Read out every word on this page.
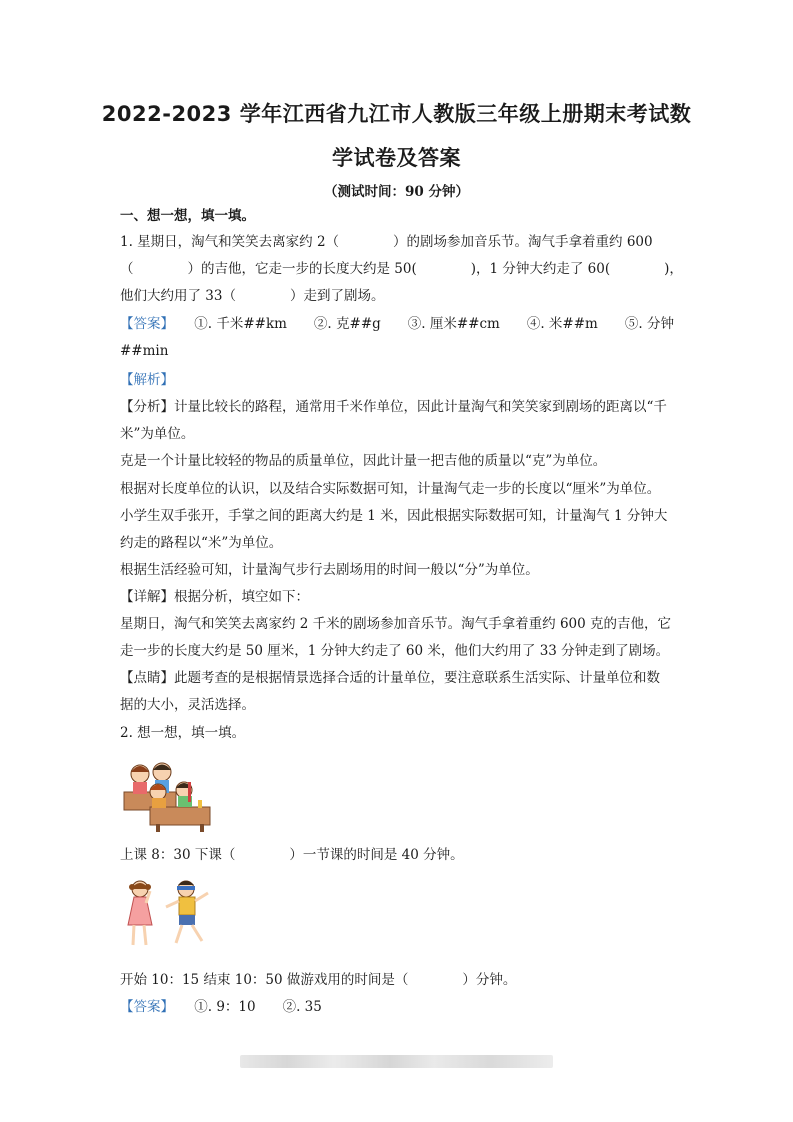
2022-2023 学年江西省九江市人教版三年级上册期末考试数
学试卷及答案
（测试时间：90 分钟）
一、想一想，填一填。
1. 星期日，淘气和笑笑去离家约 2（　　　　）的剧场参加音乐节。淘气手拿着重约 600
（　　　　）的吉他，它走一步的长度大约是 50(　　　　)，1 分钟大约走了 60(　　　　)，
他们大约用了 33（　　　　）走到了剧场。
【答案】　　①. 千米##km　　②. 克##g　　③. 厘米##cm　　④. 米##m　　⑤. 分钟
##min
【解析】
【分析】计量比较长的路程，通常用千米作单位，因此计量淘气和笑笑家到剧场的距离以“千
米”为单位。
克是一个计量比较轻的物品的质量单位，因此计量一把吉他的质量以“克”为单位。
根据对长度单位的认识，以及结合实际数据可知，计量淘气走一步的长度以“厘米”为单位。
小学生双手张开，手掌之间的距离大约是 1 米，因此根据实际数据可知，计量淘气 1 分钟大
约走的路程以“米”为单位。
根据生活经验可知，计量淘气步行去剧场用的时间一般以“分”为单位。
【详解】根据分析，填空如下：
星期日，淘气和笑笑去离家约 2 千米的剧场参加音乐节。淘气手拿着重约 600 克的吉他，它
走一步的长度大约是 50 厘米，1 分钟大约走了 60 米，他们大约用了 33 分钟走到了剧场。
【点睛】此题考查的是根据情景选择合适的计量单位，要注意联系生活实际、计量单位和数
据的大小，灵活选择。
2. 想一想，填一填。
上课 8：30 下课（　　　　）一节课的时间是 40 分钟。
开始 10：15 结束 10：50 做游戏用的时间是（　　　　）分钟。
【答案】　　①. 9：10　　②. 35
